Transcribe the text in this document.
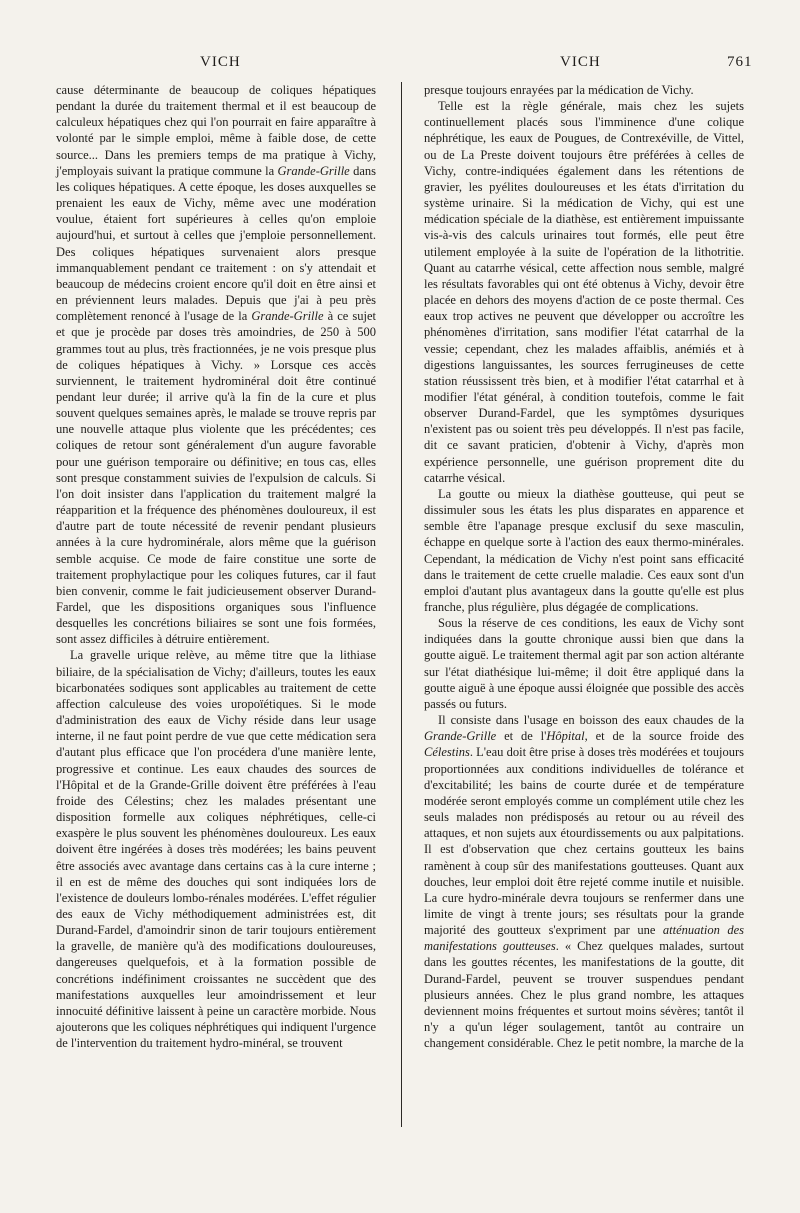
VICH	VICH	761

cause déterminante de beaucoup de coliques hépatiques pendant la durée du traitement thermal et il est beaucoup de calculeux hépatiques chez qui l'on pourrait en faire apparaître à volonté par le simple emploi, même à faible dose, de cette source... Dans les premiers temps de ma pratique à Vichy, j'employais suivant la pratique commune la Grande-Grille dans les coliques hépatiques. A cette époque, les doses auxquelles se prenaient les eaux de Vichy, même avec une modération voulue, étaient fort supérieures à celles qu'on emploie aujourd'hui, et surtout à celles que j'emploie personnellement. Des coliques hépatiques survenaient alors presque immanquablement pendant ce traitement : on s'y attendait et beaucoup de médecins croient encore qu'il doit en être ainsi et en préviennent leurs malades. Depuis que j'ai à peu près complètement renoncé à l'usage de la Grande-Grille à ce sujet et que je procède par doses très amoindries, de 250 à 500 grammes tout au plus, très fractionnées, je ne vois presque plus de coliques hépatiques à Vichy. » Lorsque ces accès surviennent, le traitement hydrominéral doit être continué pendant leur durée; il arrive qu'à la fin de la cure et plus souvent quelques semaines après, le malade se trouve repris par une nouvelle attaque plus violente que les précédentes; ces coliques de retour sont généralement d'un augure favorable pour une guérison temporaire ou définitive; en tous cas, elles sont presque constamment suivies de l'expulsion de calculs. Si l'on doit insister dans l'application du traitement malgré la réapparition et la fréquence des phénomènes douloureux, il est d'autre part de toute nécessité de revenir pendant plusieurs années à la cure hydrominérale, alors même que la guérison semble acquise. Ce mode de faire constitue une sorte de traitement prophylactique pour les coliques futures, car il faut bien convenir, comme le fait judicieusement observer Durand-Fardel, que les dispositions organiques sous l'influence desquelles les concrétions biliaires se sont une fois formées, sont assez difficiles à détruire entièrement.

La gravelle urique relève, au même titre que la lithiase biliaire, de la spécialisation de Vichy; d'ailleurs, toutes les eaux bicarbonatées sodiques sont applicables au traitement de cette affection calculeuse des voies uropoïétiques. Si le mode d'administration des eaux de Vichy réside dans leur usage interne, il ne faut point perdre de vue que cette médication sera d'autant plus efficace que l'on procédera d'une manière lente, progressive et continue. Les eaux chaudes des sources de l'Hôpital et de la Grande-Grille doivent être préférées à l'eau froide des Célestins; chez les malades présentant une disposition formelle aux coliques néphrétiques, celle-ci exaspère le plus souvent les phénomènes douloureux. Les eaux doivent être ingérées à doses très modérées; les bains peuvent être associés avec avantage dans certains cas à la cure interne ; il en est de même des douches qui sont indiquées lors de l'existence de douleurs lombo-rénales modérées. L'effet régulier des eaux de Vichy méthodiquement administrées est, dit Durand-Fardel, d'amoindrir sinon de tarir toujours entièrement la gravelle, de manière qu'à des modifications douloureuses, dangereuses quelquefois, et à la formation possible de concrétions indéfiniment croissantes ne succèdent que des manifestations auxquelles leur amoindrissement et leur innocuité définitive laissent à peine un caractère morbide. Nous ajouterons que les coliques néphrétiques qui indiquent l'urgence de l'intervention du traitement hydro-minéral, se trouvent

presque toujours enrayées par la médication de Vichy.

Telle est la règle générale, mais chez les sujets continuellement placés sous l'imminence d'une colique néphrétique, les eaux de Pougues, de Contrexéville, de Vittel, ou de La Preste doivent toujours être préférées à celles de Vichy, contre-indiquées également dans les rétentions de gravier, les pyélites douloureuses et les états d'irritation du système urinaire. Si la médication de Vichy, qui est une médication spéciale de la diathèse, est entièrement impuissante vis-à-vis des calculs urinaires tout formés, elle peut être utilement employée à la suite de l'opération de la lithotritie. Quant au catarrhe vésical, cette affection nous semble, malgré les résultats favorables qui ont été obtenus à Vichy, devoir être placée en dehors des moyens d'action de ce poste thermal. Ces eaux trop actives ne peuvent que développer ou accroître les phénomènes d'irritation, sans modifier l'état catarrhal de la vessie; cependant, chez les malades affaiblis, anémiés et à digestions languissantes, les sources ferrugineuses de cette station réussissent très bien, et à modifier l'état catarrhal et à modifier l'état général, à condition toutefois, comme le fait observer Durand-Fardel, que les symptômes dysuriques n'existent pas ou soient très peu développés. Il n'est pas facile, dit ce savant praticien, d'obtenir à Vichy, d'après mon expérience personnelle, une guérison proprement dite du catarrhe vésical.

La goutte ou mieux la diathèse goutteuse, qui peut se dissimuler sous les états les plus disparates en apparence et semble être l'apanage presque exclusif du sexe masculin, échappe en quelque sorte à l'action des eaux thermo-minérales. Cependant, la médication de Vichy n'est point sans efficacité dans le traitement de cette cruelle maladie. Ces eaux sont d'un emploi d'autant plus avantageux dans la goutte qu'elle est plus franche, plus régulière, plus dégagée de complications.

Sous la réserve de ces conditions, les eaux de Vichy sont indiquées dans la goutte chronique aussi bien que dans la goutte aiguë. Le traitement thermal agit par son action altérante sur l'état diathésique lui-même; il doit être appliqué dans la goutte aiguë à une époque aussi éloignée que possible des accès passés ou futurs.

Il consiste dans l'usage en boisson des eaux chaudes de la Grande-Grille et de l'Hôpital, et de la source froide des Célestins. L'eau doit être prise à doses très modérées et toujours proportionnées aux conditions individuelles de tolérance et d'excitabilité; les bains de courte durée et de température modérée seront employés comme un complément utile chez les seuls malades non prédisposés au retour ou au réveil des attaques, et non sujets aux étourdissements ou aux palpitations. Il est d'observation que chez certains goutteux les bains ramènent à coup sûr des manifestations goutteuses. Quant aux douches, leur emploi doit être rejeté comme inutile et nuisible. La cure hydro-minérale devra toujours se renfermer dans une limite de vingt à trente jours; ses résultats pour la grande majorité des goutteux s'expriment par une atténuation des manifestations goutteuses. « Chez quelques malades, surtout dans les gouttes récentes, les manifestations de la goutte, dit Durand-Fardel, peuvent se trouver suspendues pendant plusieurs années. Chez le plus grand nombre, les attaques deviennent moins fréquentes et surtout moins sévères; tantôt il n'y a qu'un léger soulagement, tantôt au contraire un changement considérable. Chez le petit nombre, la marche de la
